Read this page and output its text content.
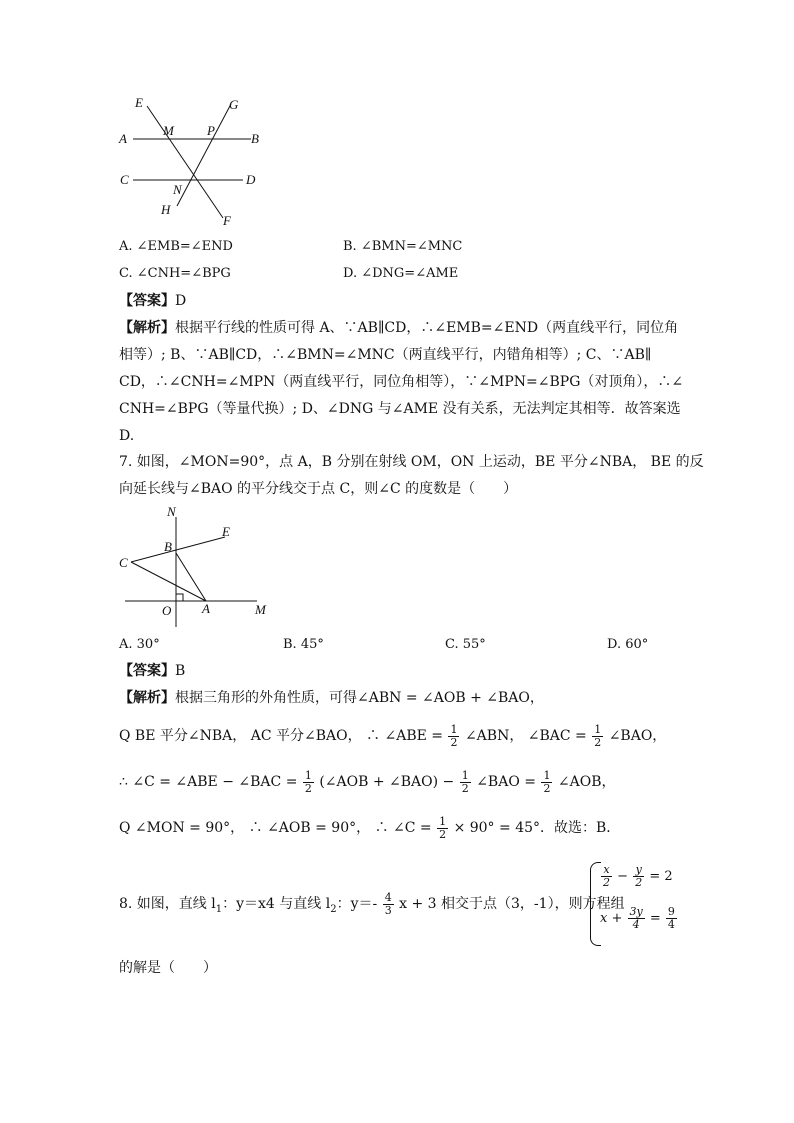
E	G
A
M	P
B
C
N
D
H
F
A. ∠EMB=∠END	B. ∠BMN=∠MNC
C. ∠CNH=∠BPG	D. ∠DNG=∠AME
【答案】D
【解析】根据平行线的性质可得 A、∵AB∥CD，∴∠EMB=∠END（两直线平行，同位角
相等）; B、∵AB∥CD，∴∠BMN=∠MNC（两直线平行，内错角相等）; C、∵AB∥
CD，∴∠CNH=∠MPN（两直线平行，同位角相等），∵∠MPN=∠BPG（对顶角），∴∠
CNH=∠BPG（等量代换）; D、∠DNG 与∠AME 没有关系，无法判定其相等．故答案选
D.
7. 如图，∠MON=90°，点 A，B 分别在射线 OM，ON 上运动，BE 平分∠NBA， BE 的反
向延长线与∠BAO 的平分线交于点 C，则∠C 的度数是（　　）
N
E
B
C
O A	M
A. 30°	B. 45°	C. 55°	D. 60°
【答案】B
【解析】根据三角形的外角性质，可得∠ABN = ∠AOB + ∠BAO，
Q BE 平分∠NBA， AC 平分∠BAO， ∴ ∠ABE = $\frac{1}{2}$ ∠ABN， ∠BAC = $\frac{1}{2}$ ∠BAO，
∴ ∠C = ∠ABE − ∠BAC = $\frac{1}{2}$ (∠AOB + ∠BAO) − $\frac{1}{2}$ ∠BAO = $\frac{1}{2}$ ∠AOB，
Q ∠MON = 90°， ∴ ∠AOB = 90°， ∴ ∠C = $\frac{1}{2} \times 90^\circ = 45^\circ$．故选：B．
8. 如图，直线 $l_1$：y＝x4 与直线 $l_2$：$y=- \frac{4}{3}$ x + 3 相交于点（3，-1），则方程组
$\frac{x}{2} - \frac{y}{2} = 2$
$x + \frac{3y}{4} = \frac{9}{4}$
的解是（　　）
